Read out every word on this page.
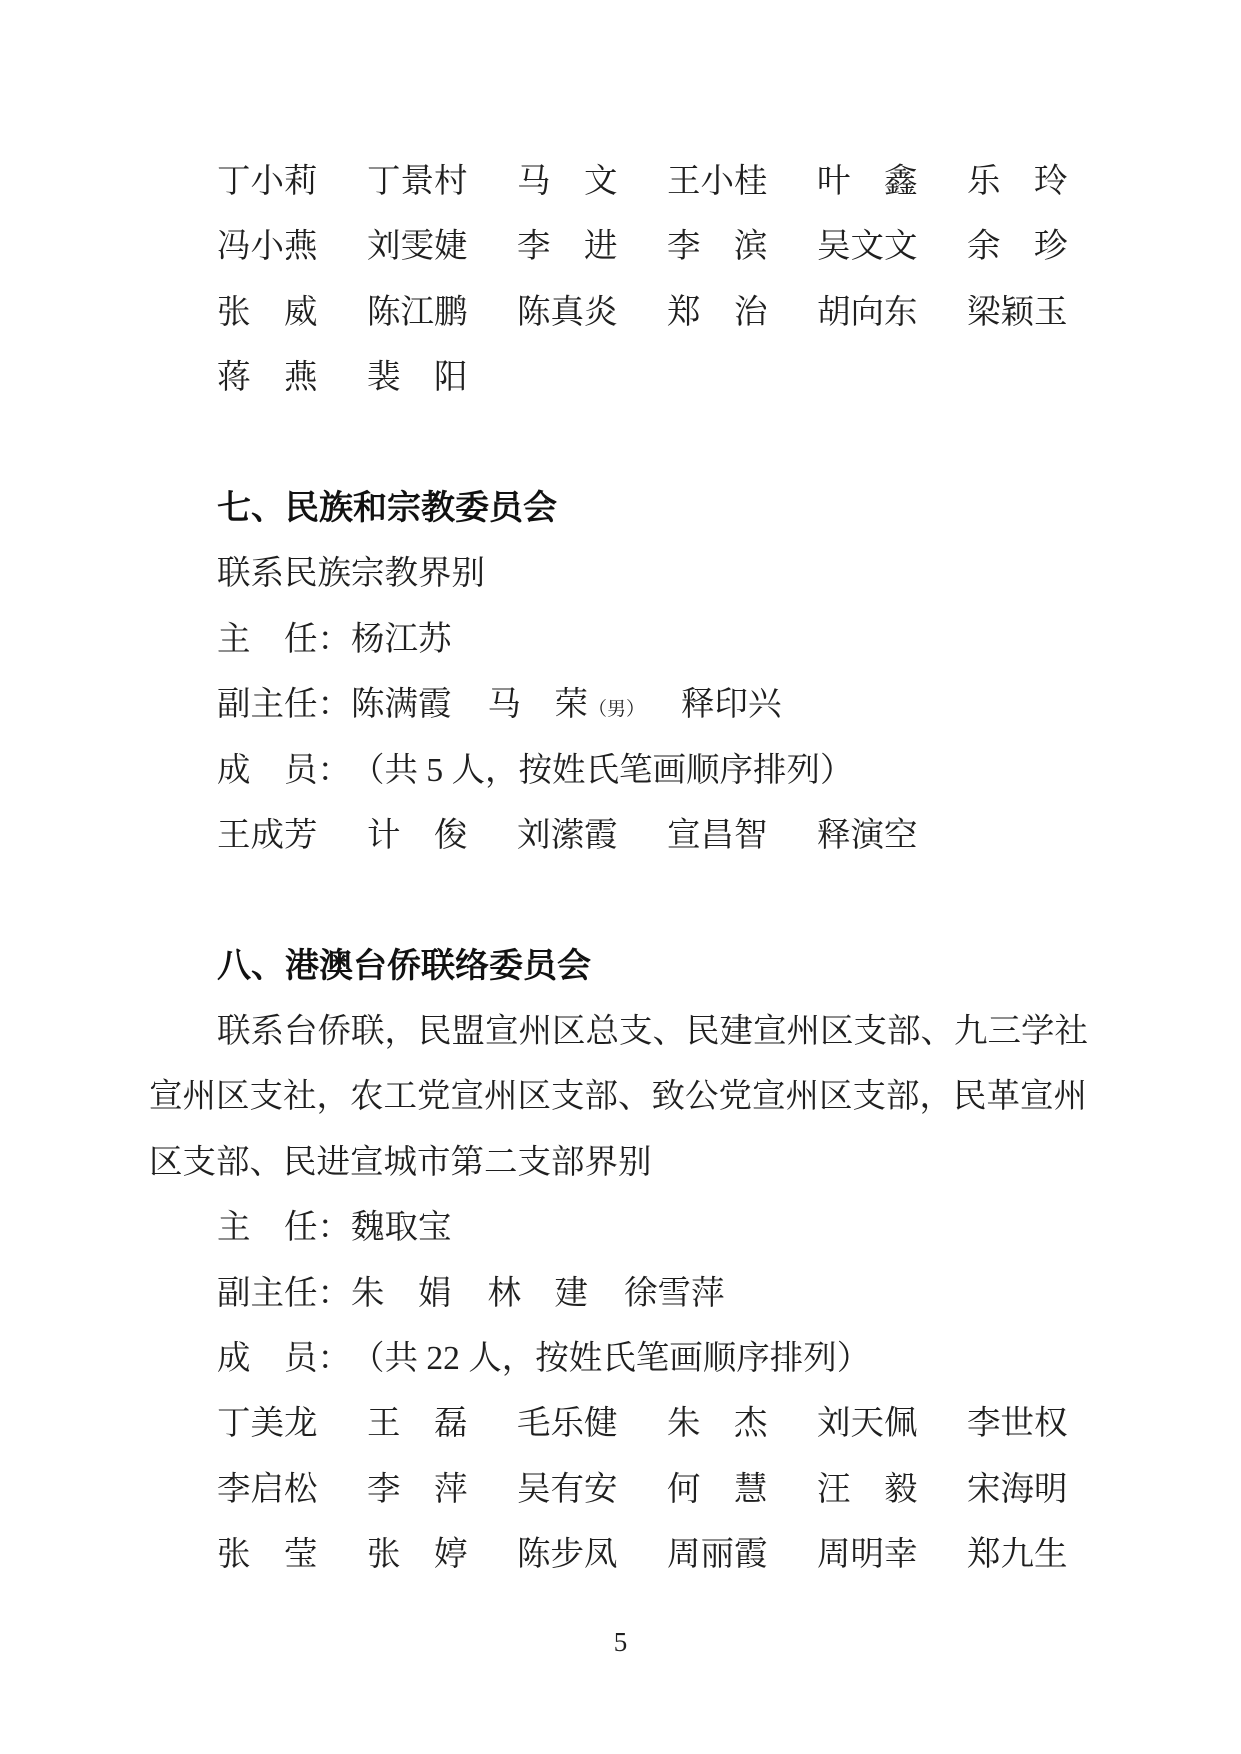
丁小莉 丁景村 马　文 王小桂 叶　鑫 乐　玲
冯小燕 刘雯婕 李　进 李　滨 吴文文 余　珍
张　威 陈江鹏 陈真炎 郑　治 胡向东 梁颖玉
蒋　燕 裴　阳
七、民族和宗教委员会
联系民族宗教界别
主　任：杨江苏
副主任：陈满霞 马　荣（男） 释印兴
成　员：（共 5 人，按姓氏笔画顺序排列）
王成芳 计　俊 刘潆霞 宣昌智 释演空
八、港澳台侨联络委员会
联系台侨联，民盟宣州区总支、民建宣州区支部、九三学社
宣州区支社，农工党宣州区支部、致公党宣州区支部，民革宣州
区支部、民进宣城市第二支部界别
主　任：魏取宝
副主任：朱　娟 林　建 徐雪萍
成　员：（共 22 人，按姓氏笔画顺序排列）
丁美龙 王　磊 毛乐健 朱　杰 刘天佩 李世权
李启松 李　萍 吴有安 何　慧 汪　毅 宋海明
张　莹 张　婷 陈步凤 周丽霞 周明幸 郑九生
5
